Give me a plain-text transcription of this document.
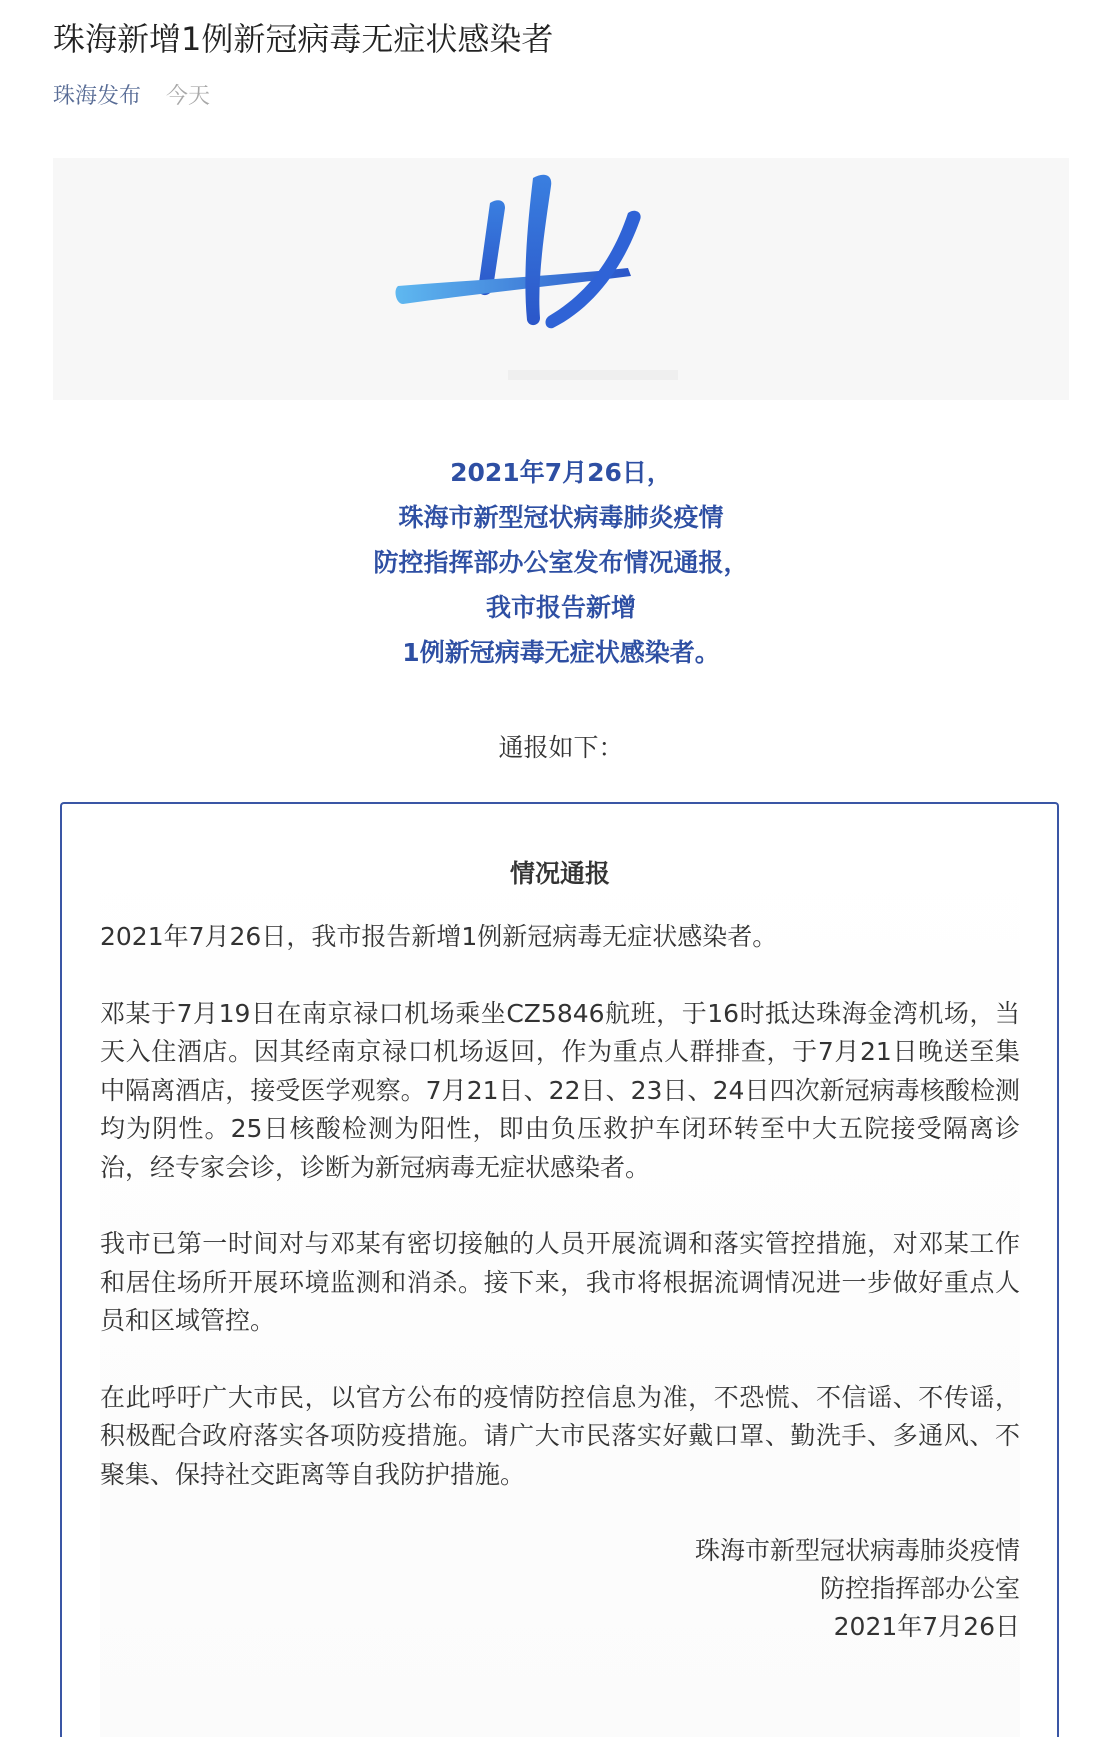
珠海新增1例新冠病毒无症状感染者
珠海发布 今天
2021年7月26日，
珠海市新型冠状病毒肺炎疫情
防控指挥部办公室发布情况通报，
我市报告新增
1例新冠病毒无症状感染者。
通报如下：
情况通报

2021年7月26日，我市报告新增1例新冠病毒无症状感染者。

邓某于7月19日在南京禄口机场乘坐CZ5846航班，于16时抵达珠海金湾机场，当天入住酒店。因其经南京禄口机场返回，作为重点人群排查，于7月21日晚送至集中隔离酒店，接受医学观察。7月21日、22日、23日、24日四次新冠病毒核酸检测均为阴性。25日核酸检测为阳性，即由负压救护车闭环转至中大五院接受隔离诊治，经专家会诊，诊断为新冠病毒无症状感染者。

我市已第一时间对与邓某有密切接触的人员开展流调和落实管控措施，对邓某工作和居住场所开展环境监测和消杀。接下来，我市将根据流调情况进一步做好重点人员和区域管控。

在此呼吁广大市民，以官方公布的疫情防控信息为准，不恐慌、不信谣、不传谣，积极配合政府落实各项防疫措施。请广大市民落实好戴口罩、勤洗手、多通风、不聚集、保持社交距离等自我防护措施。

珠海市新型冠状病毒肺炎疫情
防控指挥部办公室
2021年7月26日
